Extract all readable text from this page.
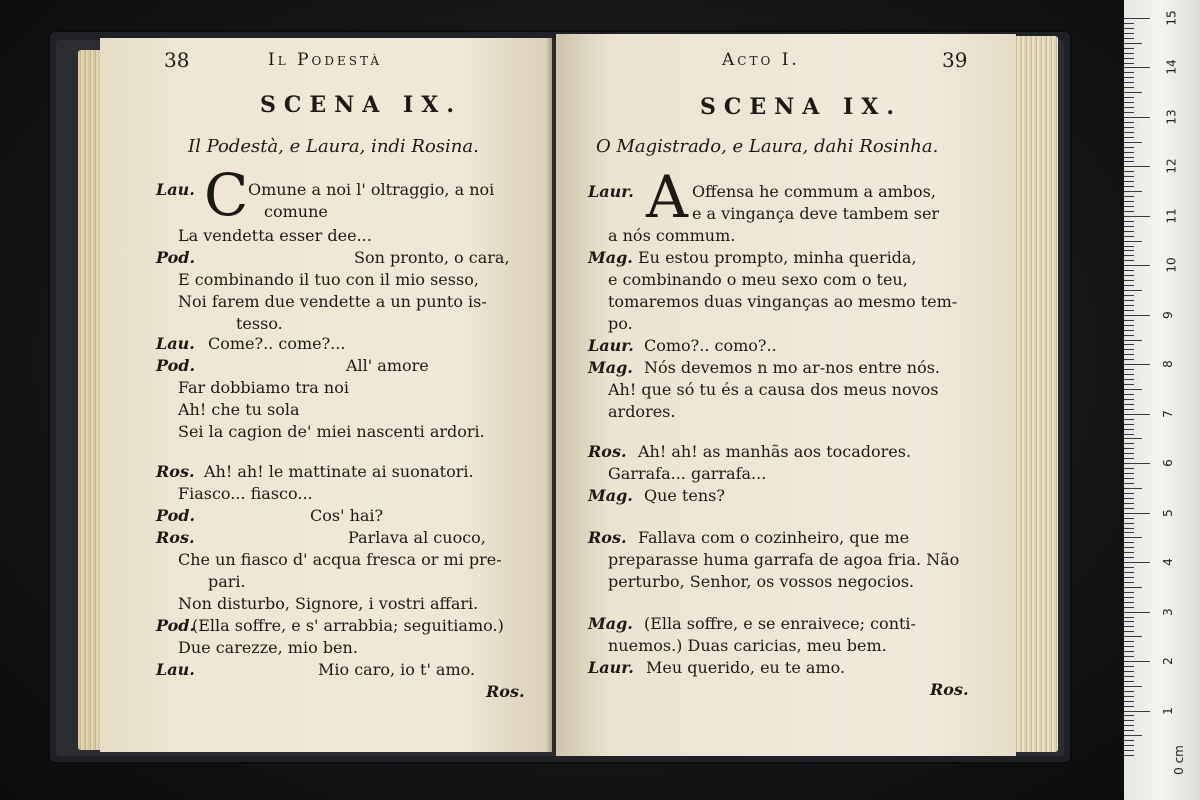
38	Il Podestà
SCENA IX.
Il Podestà, e Laura, indi Rosina.
Lau. C Omune a noi l' oltraggio, a noi
comune
La vendetta esser dee...
Pod.	Son pronto, o cara,
E combinando il tuo con il mio sesso,
Noi farem due vendette a un punto is-
tesso.
Lau. Come?.. come?...
Pod.	All' amore
Far dobbiamo tra noi
Ah! che tu sola
Sei la cagion de' miei nascenti ardori.
Ros. Ah! ah! le mattinate ai suonatori.
Fiasco... fiasco...
Pod.	Cos' hai?
Ros.	Parlava al cuoco,
Che un fiasco d' acqua fresca or mi pre-
pari.
Non disturbo, Signore, i vostri affari.
Pod.
(Ella soffre, e s' arrabbia; seguitiamo.)
Due carezze, mio ben.
Lau.	Mio caro, io t' amo.
Ros.
Acto I.	39
SCENA IX.
O Magistrado, e Laura, dahi Rosinha.
Laur. A Offensa he commum a ambos,
e a vingança deve tambem ser
a nós commum.
Mag. Eu estou prompto, minha querida,
e combinando o meu sexo com o teu,
tomaremos duas vinganças ao mesmo tem-
po.
Laur. Como?.. como?..
Mag. Nós devemos n mo ar-nos entre nós.
Ah! que só tu és a causa dos meus novos
ardores.
Ros. Ah! ah! as manhãs aos tocadores.
Garrafa... garrafa...
Mag. Que tens?
Ros. Fallava com o cozinheiro, que me
preparasse huma garrafa de agoa fria. Não
perturbo, Senhor, os vossos negocios.
Mag. (Ella soffre, e se enraivece; conti-
nuemos.) Duas caricias, meu bem.
Laur. Meu querido, eu te amo.
Ros.
15
14
13
12
11
10
9
8
7
6
5
4
3
2
1
0 cm
